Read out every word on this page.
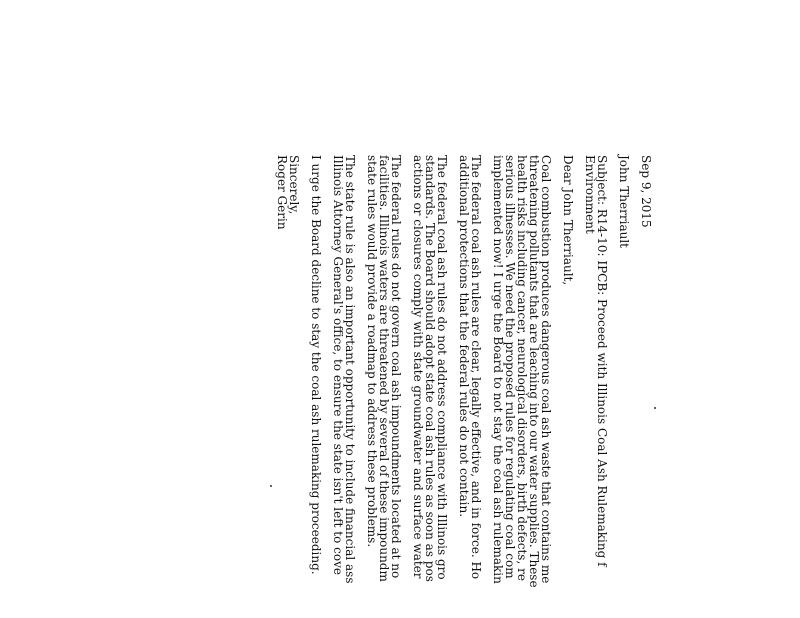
Sep 9, 2015
John Therriault
Subject: R14-10: IPCB: Proceed with Illinois Coal Ash Rulemaking f
Environment
Dear John Therriault,
Coal combustion produces dangerous coal ash waste that contains me
threatening pollutants that are leaching into our water supplies. These
health risks including cancer, neurological disorders, birth defects, re
serious illnesses. We need the proposed rules for regulating coal com
implemented now! I urge the Board to not stay the coal ash rulemakin
The federal coal ash rules are clear, legally effective, and in force. Ho
additional protections that the federal rules do not contain.
The federal coal ash rules do not address compliance with Illinois gro
standards. The Board should adopt state coal ash rules as soon as pos
actions or closures comply with state groundwater and surface water
The federal rules do not govern coal ash impoundments located at no
facilities. Illinois waters are threatened by several of these impoundm
state rules would provide a roadmap to address these problems.
The state rule is also an important opportunity to include financial ass
Illinois Attorney General's office, to ensure the state isn't left to cove
I urge the Board decline to stay the coal ash rulemaking proceeding.
Sincerely,
Roger Gerin
